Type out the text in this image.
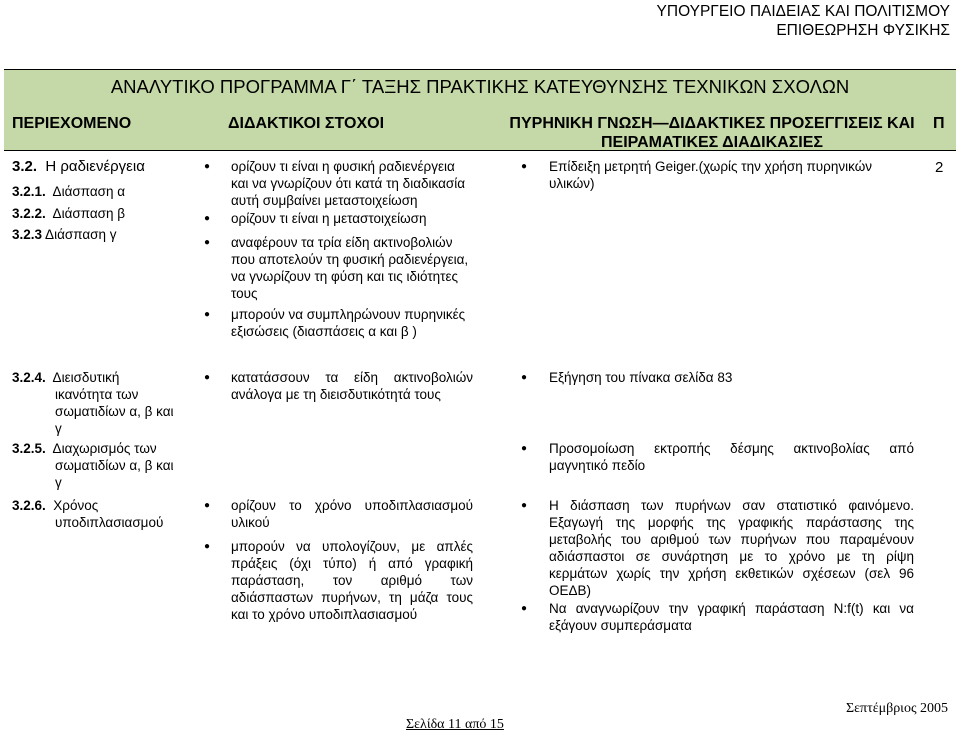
ΥΠΟΥΡΓΕΙΟ ΠΑΙΔΕΙΑΣ ΚΑΙ ΠΟΛΙΤΙΣΜΟΥ
ΕΠΙΘΕΩΡΗΣΗ ΦΥΣΙΚΗΣ
ΑΝΑΛΥΤΙΚΟ ΠΡΟΓΡΑΜΜΑ Γ΄ ΤΑΞΗΣ ΠΡΑΚΤΙΚΗΣ ΚΑΤΕΥΘΥΝΣΗΣ ΤΕΧΝΙΚΩΝ ΣΧΟΛΩΝ
ΠΕΡΙΕΧΟΜΕΝΟ	ΔΙΔΑΚΤΙΚΟΙ ΣΤΟΧΟΙ	ΠΥΡΗΝΙΚΗ ΓΝΩΣΗ—ΔΙΔΑΚΤΙΚΕΣ ΠΡΟΣΕΓΓΙΣΕΙΣ ΚΑΙ
ΠΕΙΡΑΜΑΤΙΚΕΣ ΔΙΑΔΙΚΑΣΙΕΣ
Π
3.2. Η ραδιενέργεια
3.2.1. Διάσπαση α
3.2.2. Διάσπαση β
3.2.3 Διάσπαση γ
● ορίζουν τι είναι η φυσική ραδιενέργεια
και να γνωρίζουν ότι κατά τη διαδικασία
αυτή συμβαίνει μεταστοιχείωση
● ορίζουν τι είναι η μεταστοιχείωση
● αναφέρουν τα τρία είδη ακτινοβολιών
που αποτελούν τη φυσική ραδιενέργεια,
να γνωρίζουν τη φύση και τις ιδιότητες
τους
● μπορούν να συμπληρώνουν πυρηνικές
εξισώσεις (διασπάσεις α και β )
● Επίδειξη μετρητή Geiger.(χωρίς την χρήση πυρηνικών
υλικών)
2
3.2.4. Διεισδυτική
ικανότητα των
σωματιδίων α, β και
γ
● κατατάσσουν τα είδη ακτινοβολιών
ανάλογα με τη διεισδυτικότητά τους
● Εξήγηση του πίνακα σελίδα 83
3.2.5. Διαχωρισμός των
σωματιδίων α, β και
γ
● Προσομοίωση εκτροπής δέσμης ακτινοβολίας από
μαγνητικό πεδίο
3.2.6. Χρόνος
υποδιπλασιασμού
● ορίζουν το χρόνο υποδιπλασιασμού
υλικού
● μπορούν να υπολογίζουν, με απλές
πράξεις (όχι τύπο) ή από γραφική
παράσταση, τον αριθμό των
αδιάσπαστων πυρήνων, τη μάζα τους
και το χρόνο υποδιπλασιασμού
● Η διάσπαση των πυρήνων σαν στατιστικό φαινόμενο.
Εξαγωγή της μορφής της γραφικής παράστασης της
μεταβολής του αριθμού των πυρήνων που παραμένουν
αδιάσπαστοι σε συνάρτηση με το χρόνο με τη ρίψη
κερμάτων χωρίς την χρήση εκθετικών σχέσεων (σελ 96
ΟΕΔΒ)
● Να αναγνωρίζουν την γραφική παράσταση N:f(t) και να
εξάγουν συμπεράσματα
Σελίδα 11 από 15
Σεπτέμβριος 2005
